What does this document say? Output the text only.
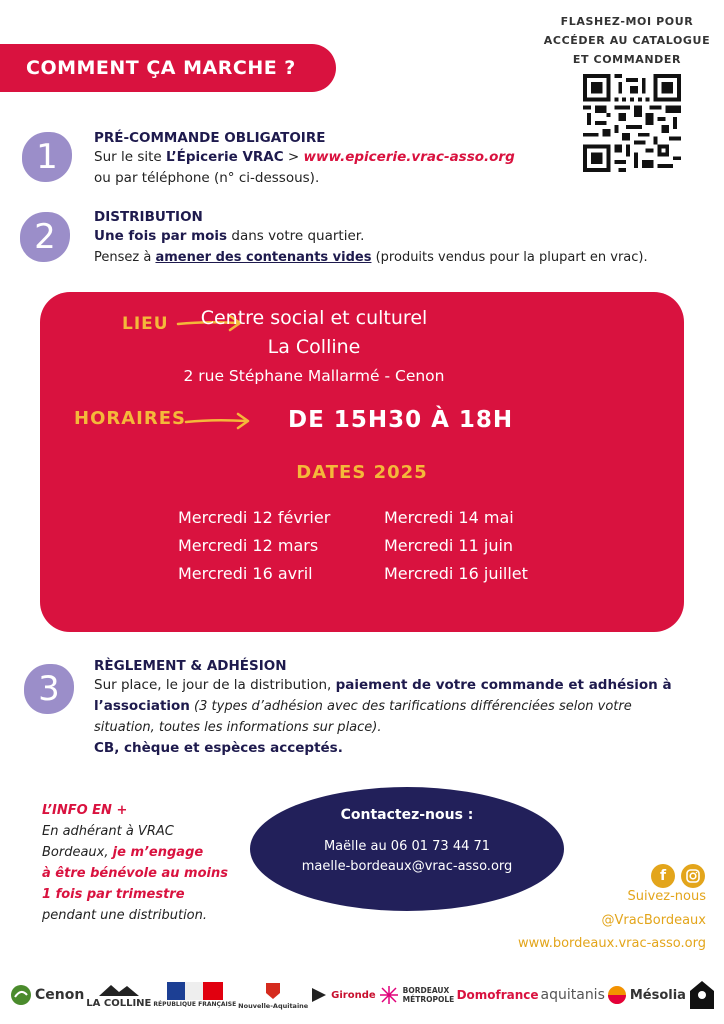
COMMENT ÇA MARCHE ?
FLASHEZ-MOI POUR
ACCÉDER AU CATALOGUE
ET COMMANDER
1	PRÉ-COMMANDE OBLIGATOIRE
Sur le site L’Épicerie VRAC > www.epicerie.vrac-asso.org
ou par téléphone (n° ci-dessous).
2	DISTRIBUTION
Une fois par mois dans votre quartier.
Pensez à amener des contenants vides (produits vendus pour la plupart en vrac).
LIEU	Centre social et culturel
La Colline
2 rue Stéphane Mallarmé - Cenon
HORAIRES	DE 15H30 À 18H
DATES 2025
Mercredi 12 février
Mercredi 12 mars
Mercredi 16 avril
Mercredi 14 mai
Mercredi 11 juin
Mercredi 16 juillet
3
RÈGLEMENT & ADHÉSION
Sur place, le jour de la distribution, paiement de votre commande et adhésion à
l’association (3 types d’adhésion avec des tarifications différenciées selon votre
situation, toutes les informations sur place).
CB, chèque et espèces acceptés.
L’INFO EN +
En adhérant à VRAC
Bordeaux, je m’engage
à être bénévole au moins
1 fois par trimestre
pendant une distribution.
Contactez-nous :
Maëlle au 06 01 73 44 71
maelle-bordeaux@vrac-asso.org
f
Suivez-nous
@VracBordeaux
www.bordeaux.vrac-asso.org
Cenon LA COLLINE RÉPUBLIQUE FRANÇAISE Nouvelle-Aquitaine
Gironde	BORDEAUX MÉTROPOLE Domofrance aquitanis Mésolia
